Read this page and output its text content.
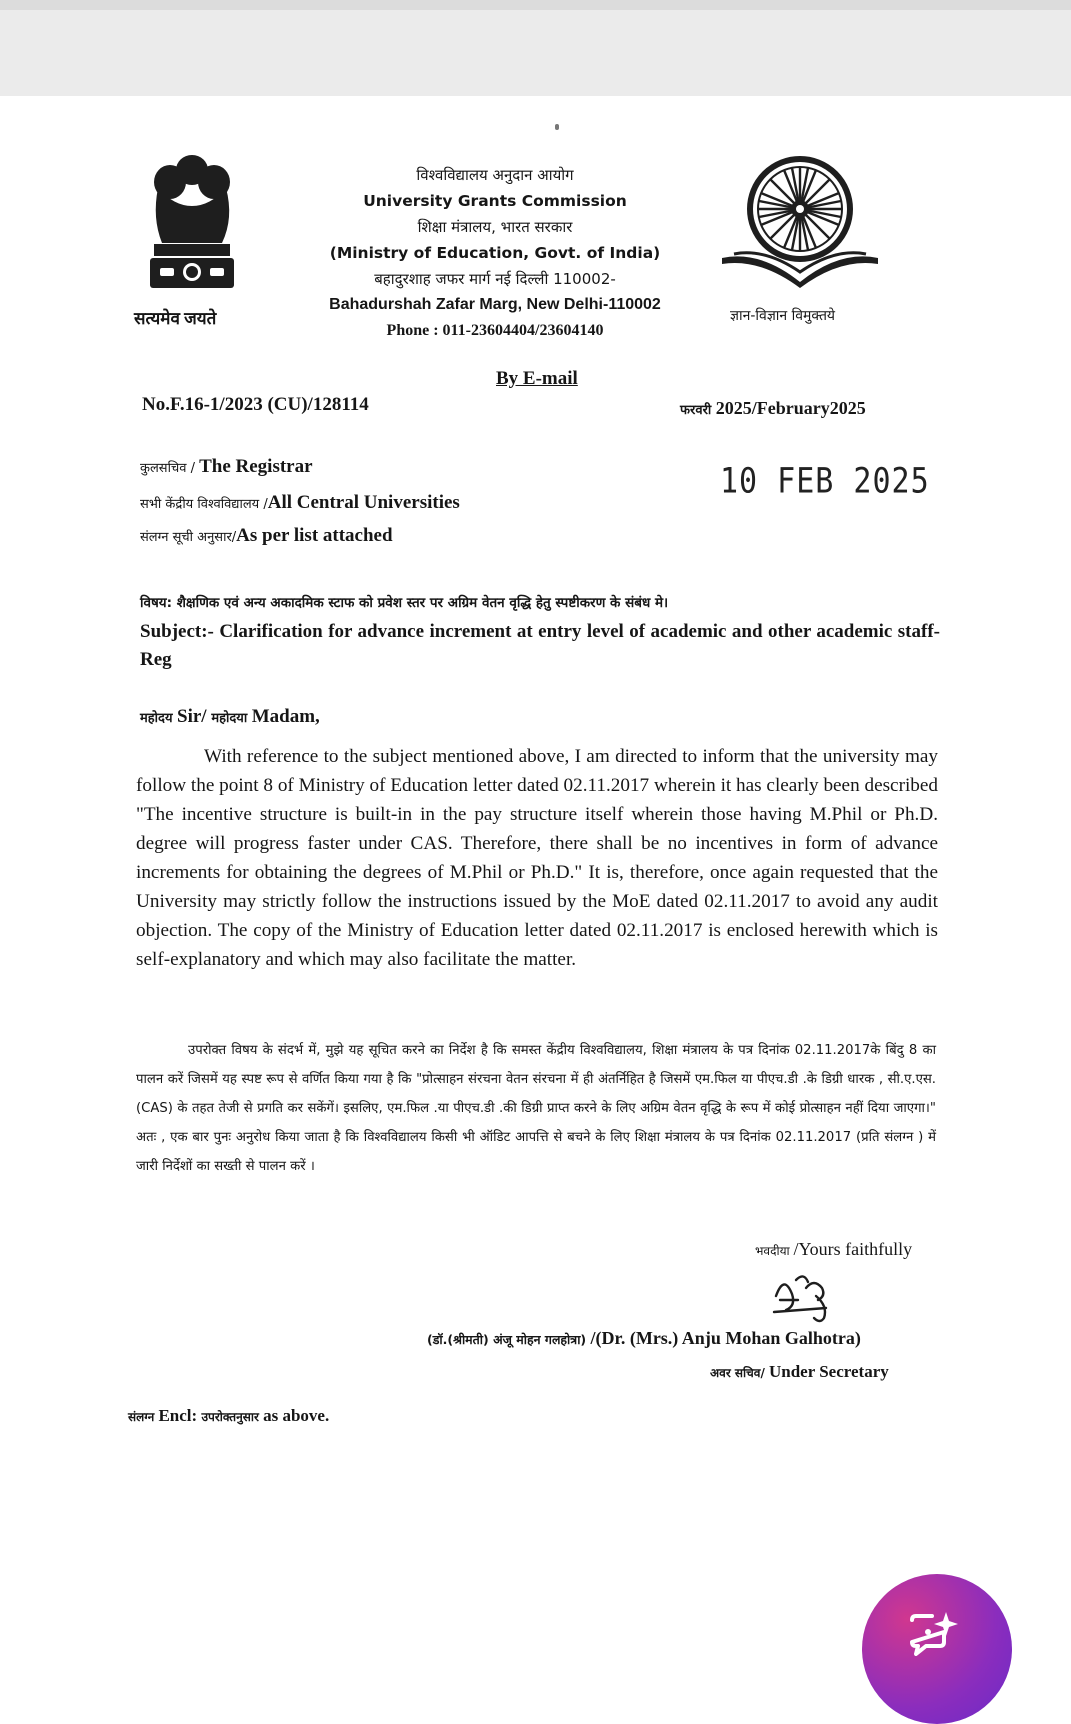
सत्यमेव जयते
विश्वविद्यालय अनुदान आयोग
University Grants Commission
शिक्षा मंत्रालय, भारत सरकार
(Ministry of Education, Govt. of India)
बहादुरशाह जफर मार्ग नई दिल्ली 110002-
Bahadurshah Zafar Marg, New Delhi-110002
Phone : 011-23604404/23604140
ज्ञान-विज्ञान विमुक्तये
By E-mail
No.F.16-1/2023 (CU)/128114	फरवरी 2025/February2025
10 FEB 2025
कुलसचिव / The Registrar
सभी केंद्रीय विश्वविद्यालय /All Central Universities
संलग्न सूची अनुसार/As per list attached
विषय: शैक्षणिक एवं अन्य अकादमिक स्टाफ को प्रवेश स्तर पर अग्रिम वेतन वृद्धि हेतु स्पष्टीकरण के संबंध मे।
Subject:- Clarification for advance increment at entry level of academic and other academic staff- Reg
महोदय Sir/ महोदया Madam,
With reference to the subject mentioned above, I am directed to inform that the university may follow the point 8 of Ministry of Education letter dated 02.11.2017 wherein it has clearly been described "The incentive structure is built-in in the pay structure itself wherein those having M.Phil or Ph.D. degree will progress faster under CAS. Therefore, there shall be no incentives in form of advance increments for obtaining the degrees of M.Phil or Ph.D." It is, therefore, once again requested that the University may strictly follow the instructions issued by the MoE dated 02.11.2017 to avoid any audit objection. The copy of the Ministry of Education letter dated 02.11.2017 is enclosed herewith which is self-explanatory and which may also facilitate the matter.
उपरोक्त विषय के संदर्भ में, मुझे यह सूचित करने का निर्देश है कि समस्त केंद्रीय विश्वविद्यालय, शिक्षा मंत्रालय के पत्र दिनांक 02.11.2017के बिंदु 8 का पालन करें जिसमें यह स्पष्ट रूप से वर्णित किया गया है कि "प्रोत्साहन संरचना वेतन संरचना में ही अंतर्निहित है जिसमें एम.फिल या पीएच.डी .के डिग्री धारक , सी.ए.एस. (CAS) के तहत तेजी से प्रगति कर सकेंगें। इसलिए, एम.फिल .या पीएच.डी .की डिग्री प्राप्त करने के लिए अग्रिम वेतन वृद्धि के रूप में कोई प्रोत्साहन नहीं दिया जाएगा।" अतः , एक बार पुनः अनुरोध किया जाता है कि विश्वविद्यालय किसी भी ऑडिट आपत्ति से बचने के लिए शिक्षा मंत्रालय के पत्र दिनांक 02.11.2017 (प्रति संलग्न ) में जारी निर्देशों का सख्ती से पालन करें ।
भवदीया /Yours faithfully
(डॉ.(श्रीमती) अंजू मोहन गलहोत्रा) /(Dr. (Mrs.) Anju Mohan Galhotra)
अवर सचिव/ Under Secretary
संलग्न Encl: उपरोक्तनुसार as above.
